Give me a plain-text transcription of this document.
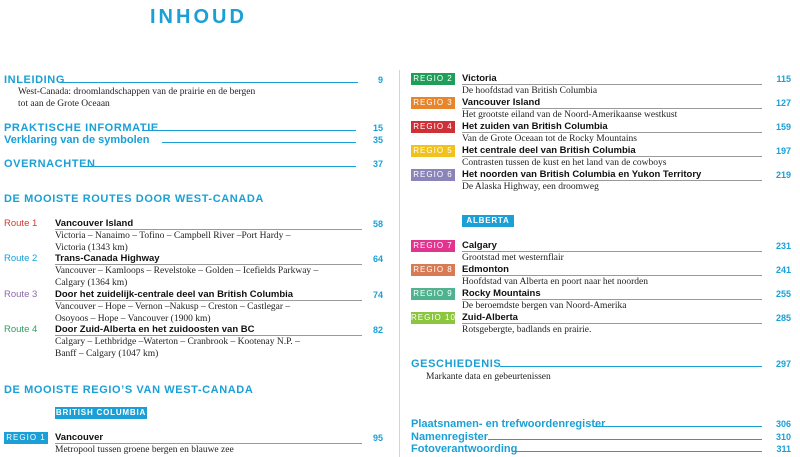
INHOUD
INLEIDING	9
West-Canada: droomlandschappen van de prairie en de bergen
tot aan de Grote Oceaan
PRAKTISCHE INFORMATIE	15
Verklaring van de symbolen	35
OVERNACHTEN	37
DE MOOISTE ROUTES DOOR WEST-CANADA
Route 1 Vancouver Island	58
Victoria – Nanaimo – Tofino – Campbell River –Port Hardy –
Victoria (1343 km)
Route 2 Trans-Canada Highway	64
Vancouver – Kamloops – Revelstoke – Golden – Icefields Parkway –
Calgary (1364 km)
Route 3 Door het zuidelijk-centrale deel van British Columbia	74
Vancouver – Hope – Vernon –Nakusp – Creston – Castlegar –
Osoyoos – Hope – Vancouver (1900 km)
Route 4 Door Zuid-Alberta en het zuidoosten van BC	82
Calgary – Lethbridge –Waterton – Cranbrook – Kootenay N.P. –
Banff – Calgary (1047 km)
DE MOOISTE REGIO’S VAN WEST-CANADA
BRITISH COLUMBIA
REGIO 1 Vancouver	95
Metropool tussen groene bergen en blauwe zee
REGIO 2 Victoria	115
De hoofdstad van British Columbia
REGIO 3 Vancouver Island	127
Het grootste eiland van de Noord-Amerikaanse westkust
REGIO 4 Het zuiden van British Columbia	159
Van de Grote Oceaan tot de Rocky Mountains
REGIO 5 Het centrale deel van British Columbia	197
Contrasten tussen de kust en het land van de cowboys
REGIO 6 Het noorden van British Columbia en Yukon Territory	219
De Alaska Highway, een droomweg
ALBERTA
REGIO 7 Calgary	231
Grootstad met westernflair
REGIO 8 Edmonton	241
Hoofdstad van Alberta en poort naar het noorden
REGIO 9 Rocky Mountains	255
De beroemdste bergen van Noord-Amerika
REGIO 10 Zuid-Alberta	285
Rotsgebergte, badlands en prairie.
GESCHIEDENIS	297
Markante data en gebeurtenissen
Plaatsnamen- en trefwoordenregister	306
Namenregister	310
Fotoverantwoording	311
